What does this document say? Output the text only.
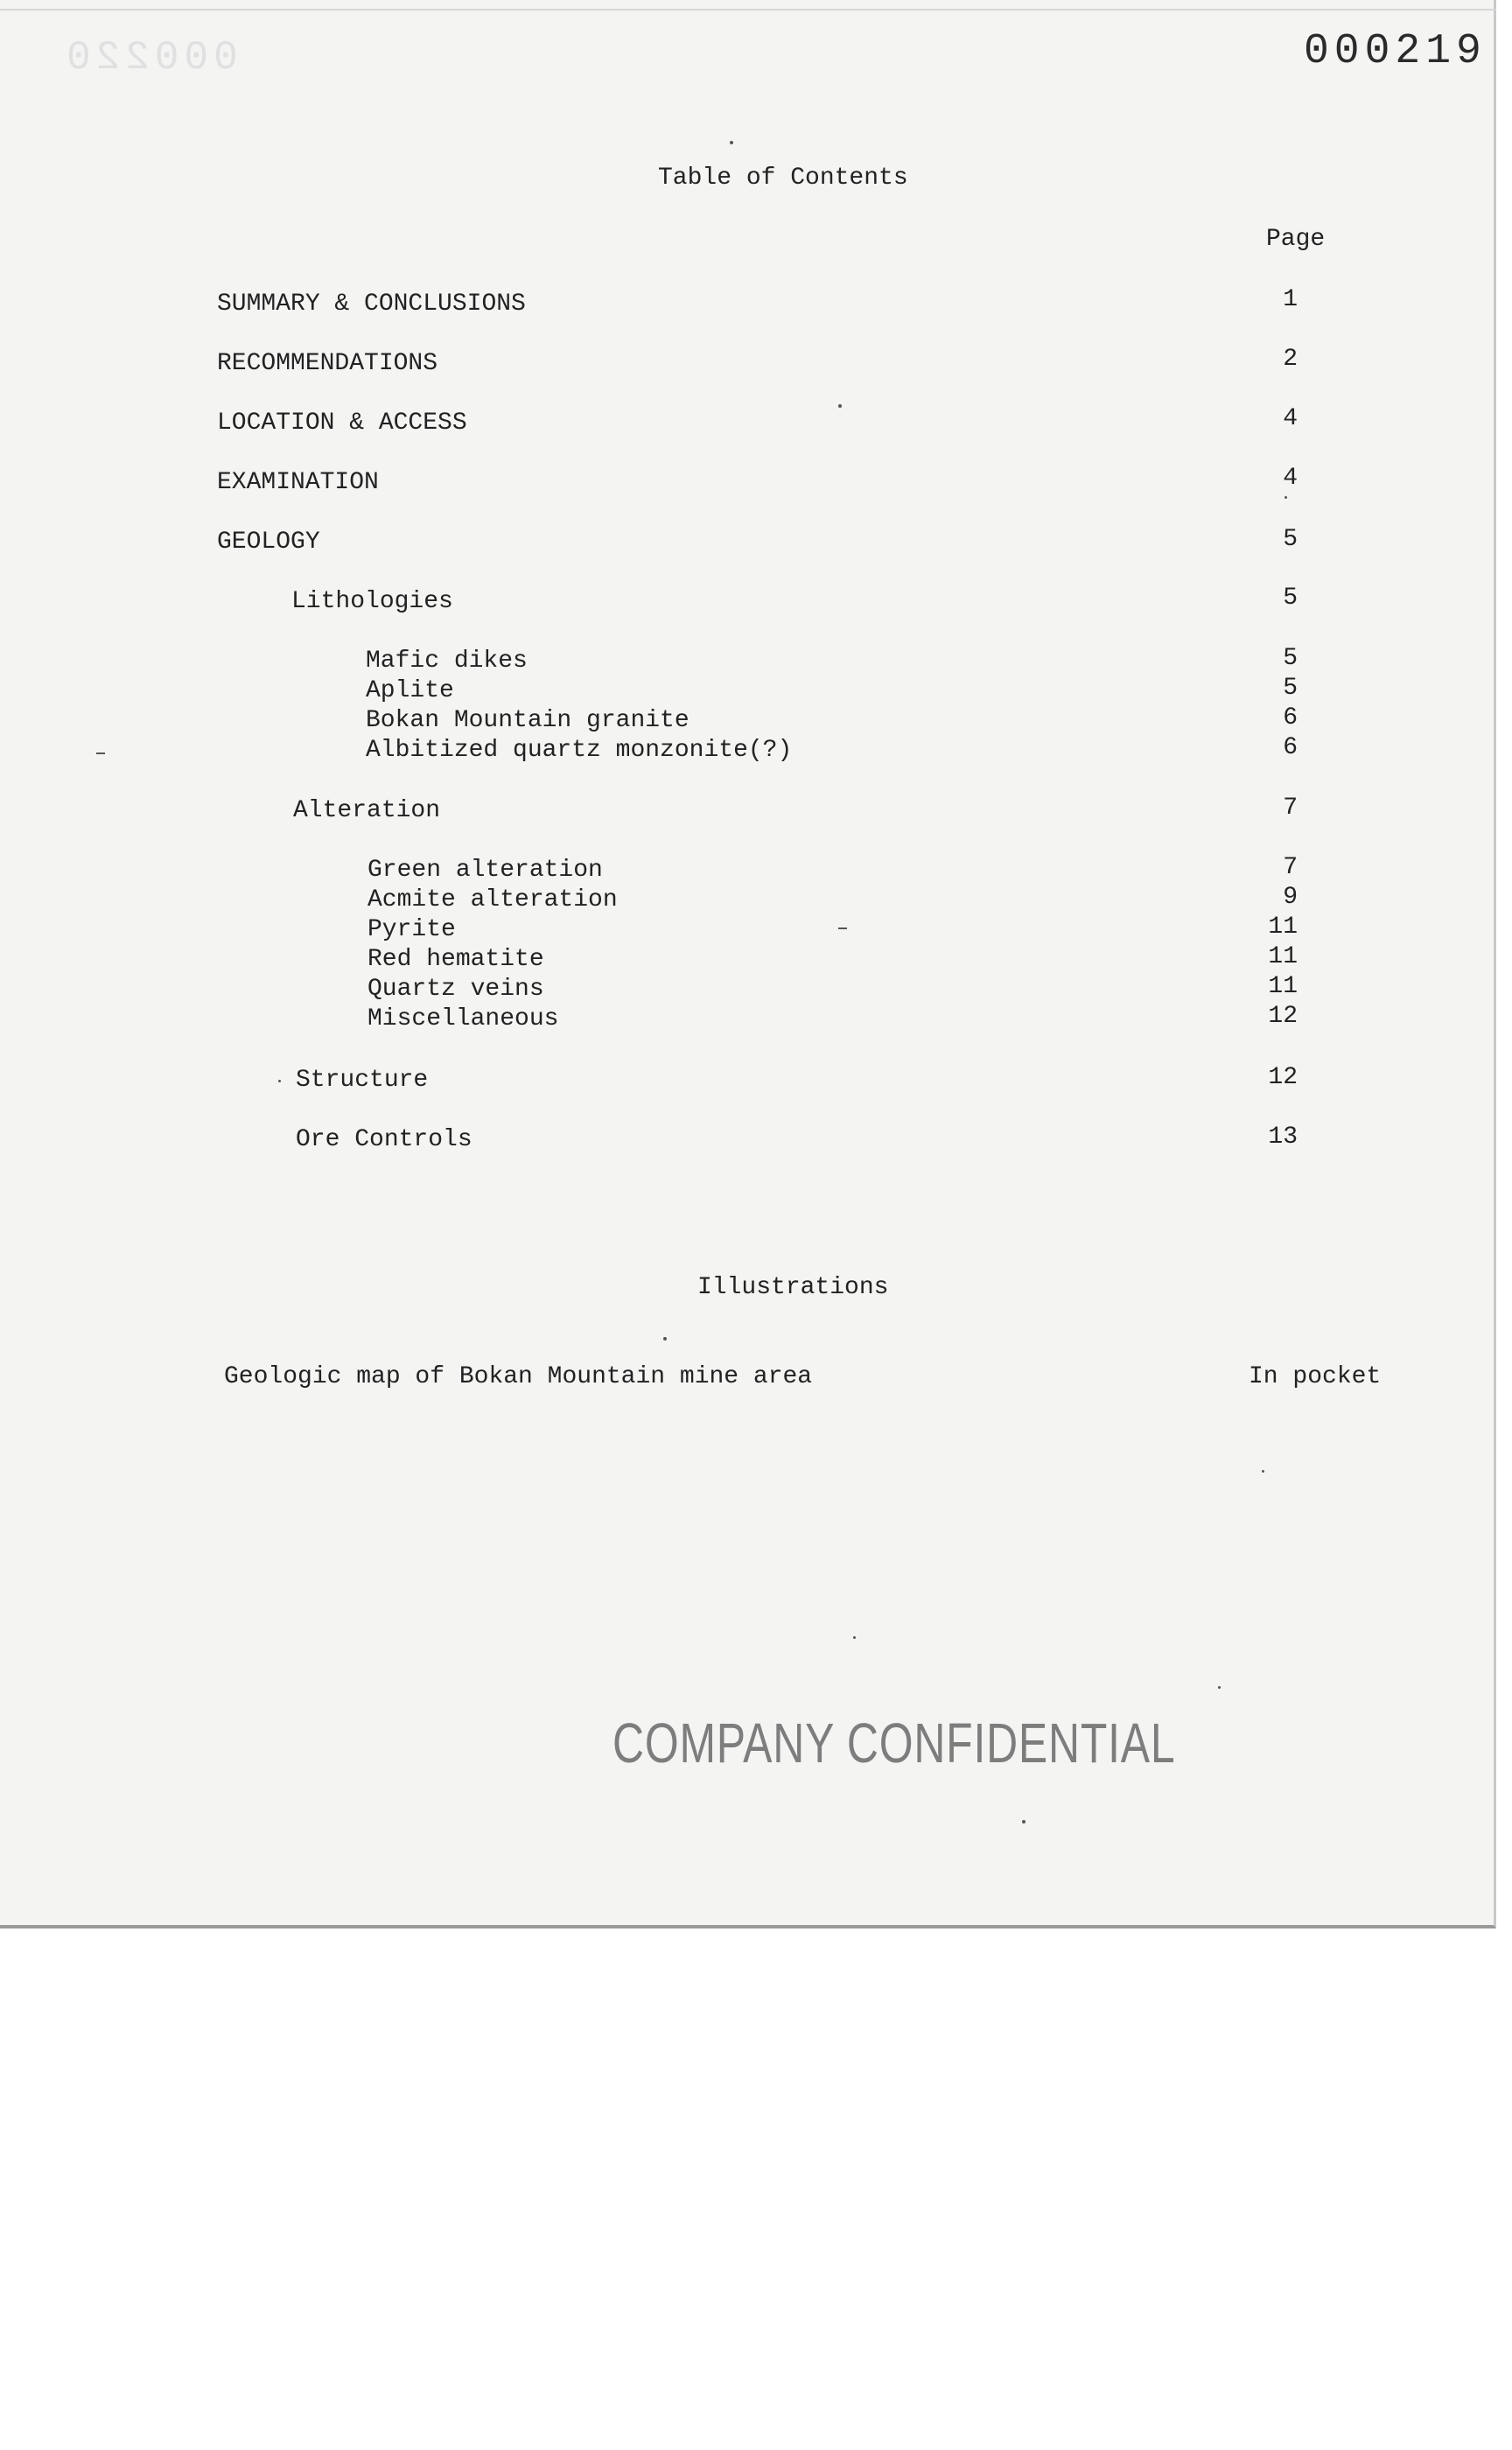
000220	000219
Table of Contents
Page
SUMMARY & CONCLUSIONS	1
RECOMMENDATIONS	2
LOCATION & ACCESS	4
EXAMINATION	4
GEOLOGY	5
Lithologies	5
Mafic dikes	5
Aplite	5
Bokan Mountain granite	6
Albitized quartz monzonite(?)	6
Alteration	7
Green alteration	7
Acmite alteration	9
Pyrite	11
Red hematite	11
Quartz veins	11
Miscellaneous	12
Structure	12
Ore Controls	13
Illustrations
Geologic map of Bokan Mountain mine area	In pocket
COMPANY CONFIDENTIAL
